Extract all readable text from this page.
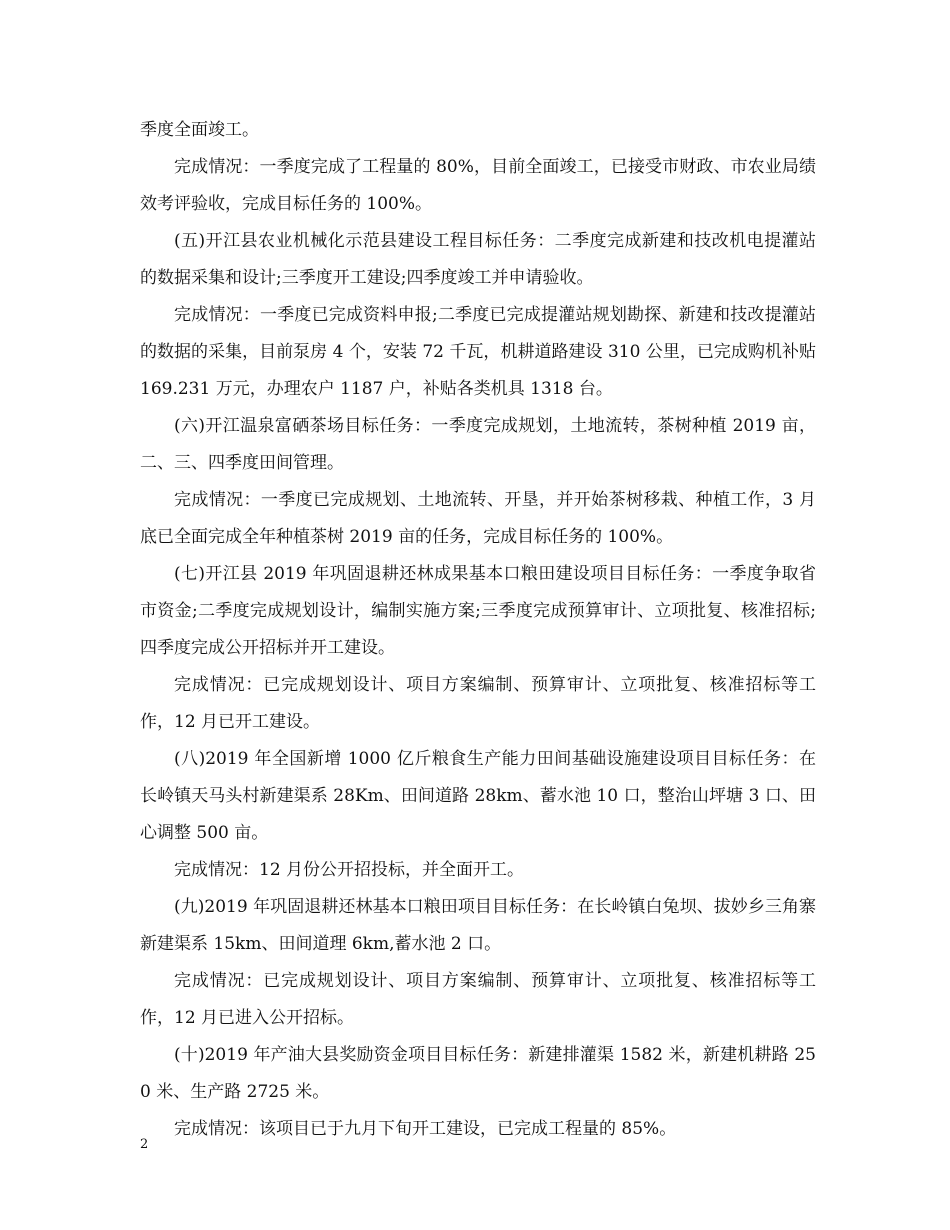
季度全面竣工。

完成情况：一季度完成了工程量的 80%，目前全面竣工，已接受市财政、市农业局绩效考评验收，完成目标任务的 100%。

(五)开江县农业机械化示范县建设工程目标任务：二季度完成新建和技改机电提灌站的数据采集和设计;三季度开工建设;四季度竣工并申请验收。

完成情况：一季度已完成资料申报;二季度已完成提灌站规划勘探、新建和技改提灌站的数据的采集，目前泵房 4 个，安装 72 千瓦，机耕道路建设 310 公里，已完成购机补贴 169.231 万元，办理农户 1187 户，补贴各类机具 1318 台。

(六)开江温泉富硒茶场目标任务：一季度完成规划，土地流转，茶树种植 2019 亩，二、三、四季度田间管理。

完成情况：一季度已完成规划、土地流转、开垦，并开始茶树移栽、种植工作，3 月底已全面完成全年种植茶树 2019 亩的任务，完成目标任务的 100%。

(七)开江县 2019 年巩固退耕还林成果基本口粮田建设项目目标任务：一季度争取省市资金;二季度完成规划设计，编制实施方案;三季度完成预算审计、立项批复、核准招标;四季度完成公开招标并开工建设。

完成情况：已完成规划设计、项目方案编制、预算审计、立项批复、核准招标等工作，12 月已开工建设。

(八)2019 年全国新增 1000 亿斤粮食生产能力田间基础设施建设项目目标任务：在长岭镇天马头村新建渠系 28Km、田间道路 28km、蓄水池 10 口，整治山坪塘 3 口、田心调整 500 亩。

完成情况：12 月份公开招投标，并全面开工。

(九)2019 年巩固退耕还林基本口粮田项目目标任务：在长岭镇白兔坝、拔妙乡三角寨新建渠系 15km、田间道理 6km,蓄水池 2 口。

完成情况：已完成规划设计、项目方案编制、预算审计、立项批复、核准招标等工作，12 月已进入公开招标。

(十)2019 年产油大县奖励资金项目目标任务：新建排灌渠 1582 米，新建机耕路 250 米、生产路 2725 米。

完成情况：该项目已于九月下旬开工建设，已完成工程量的 85%。

2
